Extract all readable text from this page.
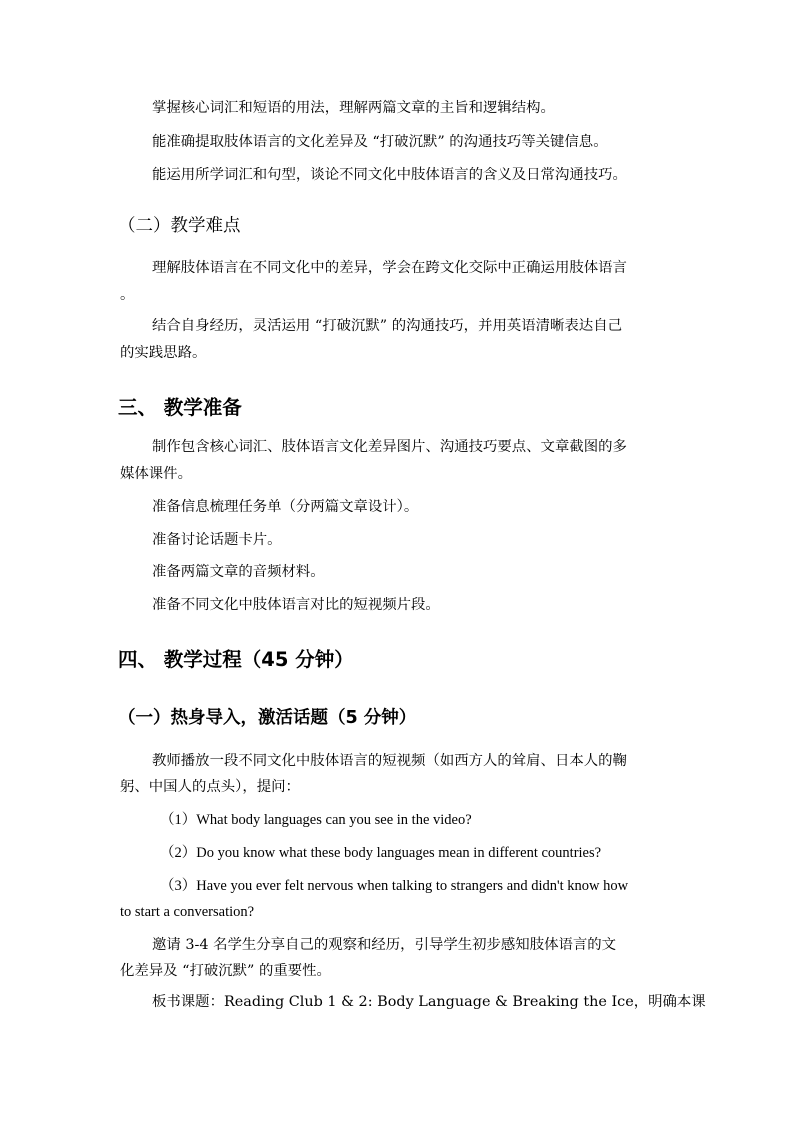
掌握核心词汇和短语的用法，理解两篇文章的主旨和逻辑结构。
能准确提取肢体语言的文化差异及 “打破沉默” 的沟通技巧等关键信息。
能运用所学词汇和句型，谈论不同文化中肢体语言的含义及日常沟通技巧。
（二）教学难点
理解肢体语言在不同文化中的差异，学会在跨文化交际中正确运用肢体语言
。
结合自身经历，灵活运用 “打破沉默” 的沟通技巧，并用英语清晰表达自己
的实践思路。
三、 教学准备
制作包含核心词汇、肢体语言文化差异图片、沟通技巧要点、文章截图的多
媒体课件。
准备信息梳理任务单（分两篇文章设计）。
准备讨论话题卡片。
准备两篇文章的音频材料。
准备不同文化中肢体语言对比的短视频片段。
四、 教学过程（45 分钟）
（一）热身导入，激活话题（5 分钟）
教师播放一段不同文化中肢体语言的短视频（如西方人的耸肩、日本人的鞠
躬、中国人的点头），提问：
（1）What body languages can you see in the video?
（2）Do you know what these body languages mean in different countries?
（3）Have you ever felt nervous when talking to strangers and didn't know how
to start a conversation?
邀请 3-4 名学生分享自己的观察和经历，引导学生初步感知肢体语言的文
化差异及 “打破沉默” 的重要性。
板书课题：Reading Club 1 & 2: Body Language & Breaking the Ice，明确本课
